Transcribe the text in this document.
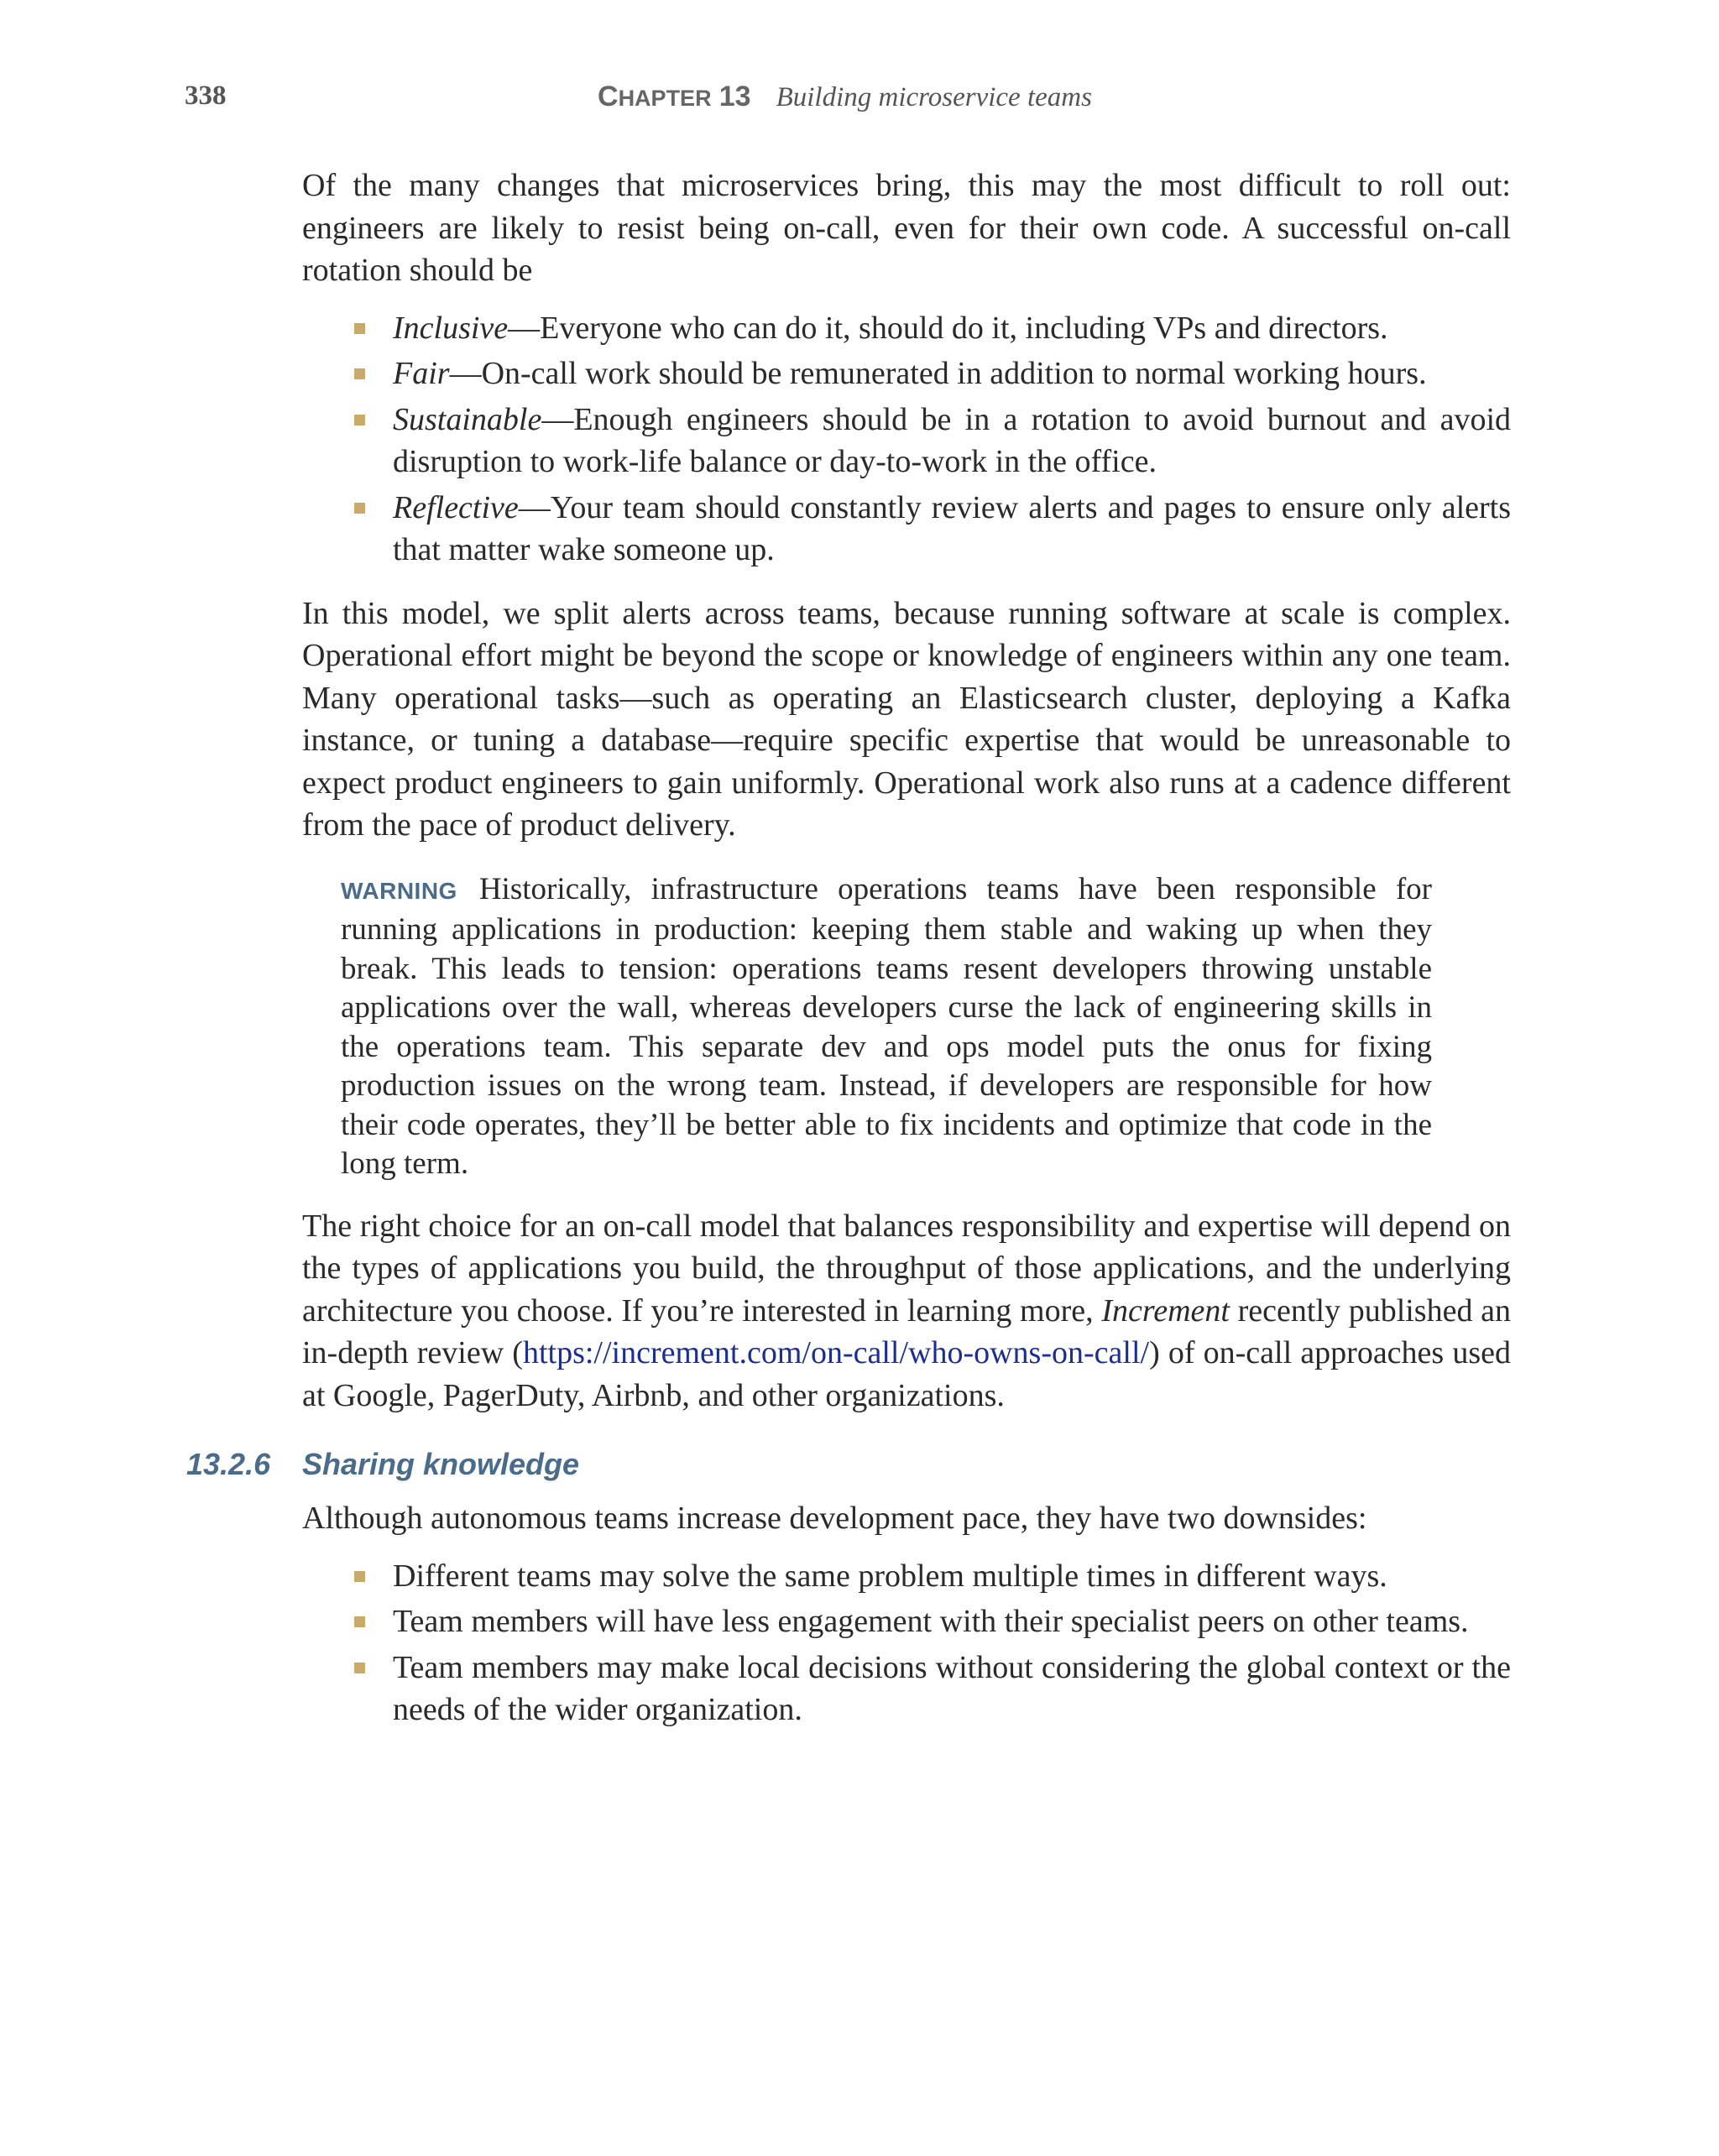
338	CHAPTER 13 Building microservice teams

Of the many changes that microservices bring, this may the most difficult to roll out: engineers are likely to resist being on-call, even for their own code. A successful on-call rotation should be

Inclusive—Everyone who can do it, should do it, including VPs and directors.
Fair—On-call work should be remunerated in addition to normal working hours.
Sustainable—Enough engineers should be in a rotation to avoid burnout and avoid disruption to work-life balance or day-to-work in the office.
Reflective—Your team should constantly review alerts and pages to ensure only alerts that matter wake someone up.

In this model, we split alerts across teams, because running software at scale is complex. Operational effort might be beyond the scope or knowledge of engineers within any one team. Many operational tasks—such as operating an Elasticsearch cluster, deploying a Kafka instance, or tuning a database—require specific expertise that would be unreasonable to expect product engineers to gain uniformly. Operational work also runs at a cadence different from the pace of product delivery.

WARNING Historically, infrastructure operations teams have been responsible for running applications in production: keeping them stable and waking up when they break. This leads to tension: operations teams resent developers throwing unstable applications over the wall, whereas developers curse the lack of engineering skills in the operations team. This separate dev and ops model puts the onus for fixing production issues on the wrong team. Instead, if developers are responsible for how their code operates, they’ll be better able to fix incidents and optimize that code in the long term.

The right choice for an on-call model that balances responsibility and expertise will depend on the types of applications you build, the throughput of those applications, and the underlying architecture you choose. If you’re interested in learning more, Increment recently published an in-depth review (https://increment.com/on-call/who-owns-on-call/) of on-call approaches used at Google, PagerDuty, Airbnb, and other organizations.

13.2.6 Sharing knowledge

Although autonomous teams increase development pace, they have two downsides:

Different teams may solve the same problem multiple times in different ways.
Team members will have less engagement with their specialist peers on other teams.
Team members may make local decisions without considering the global context or the needs of the wider organization.
